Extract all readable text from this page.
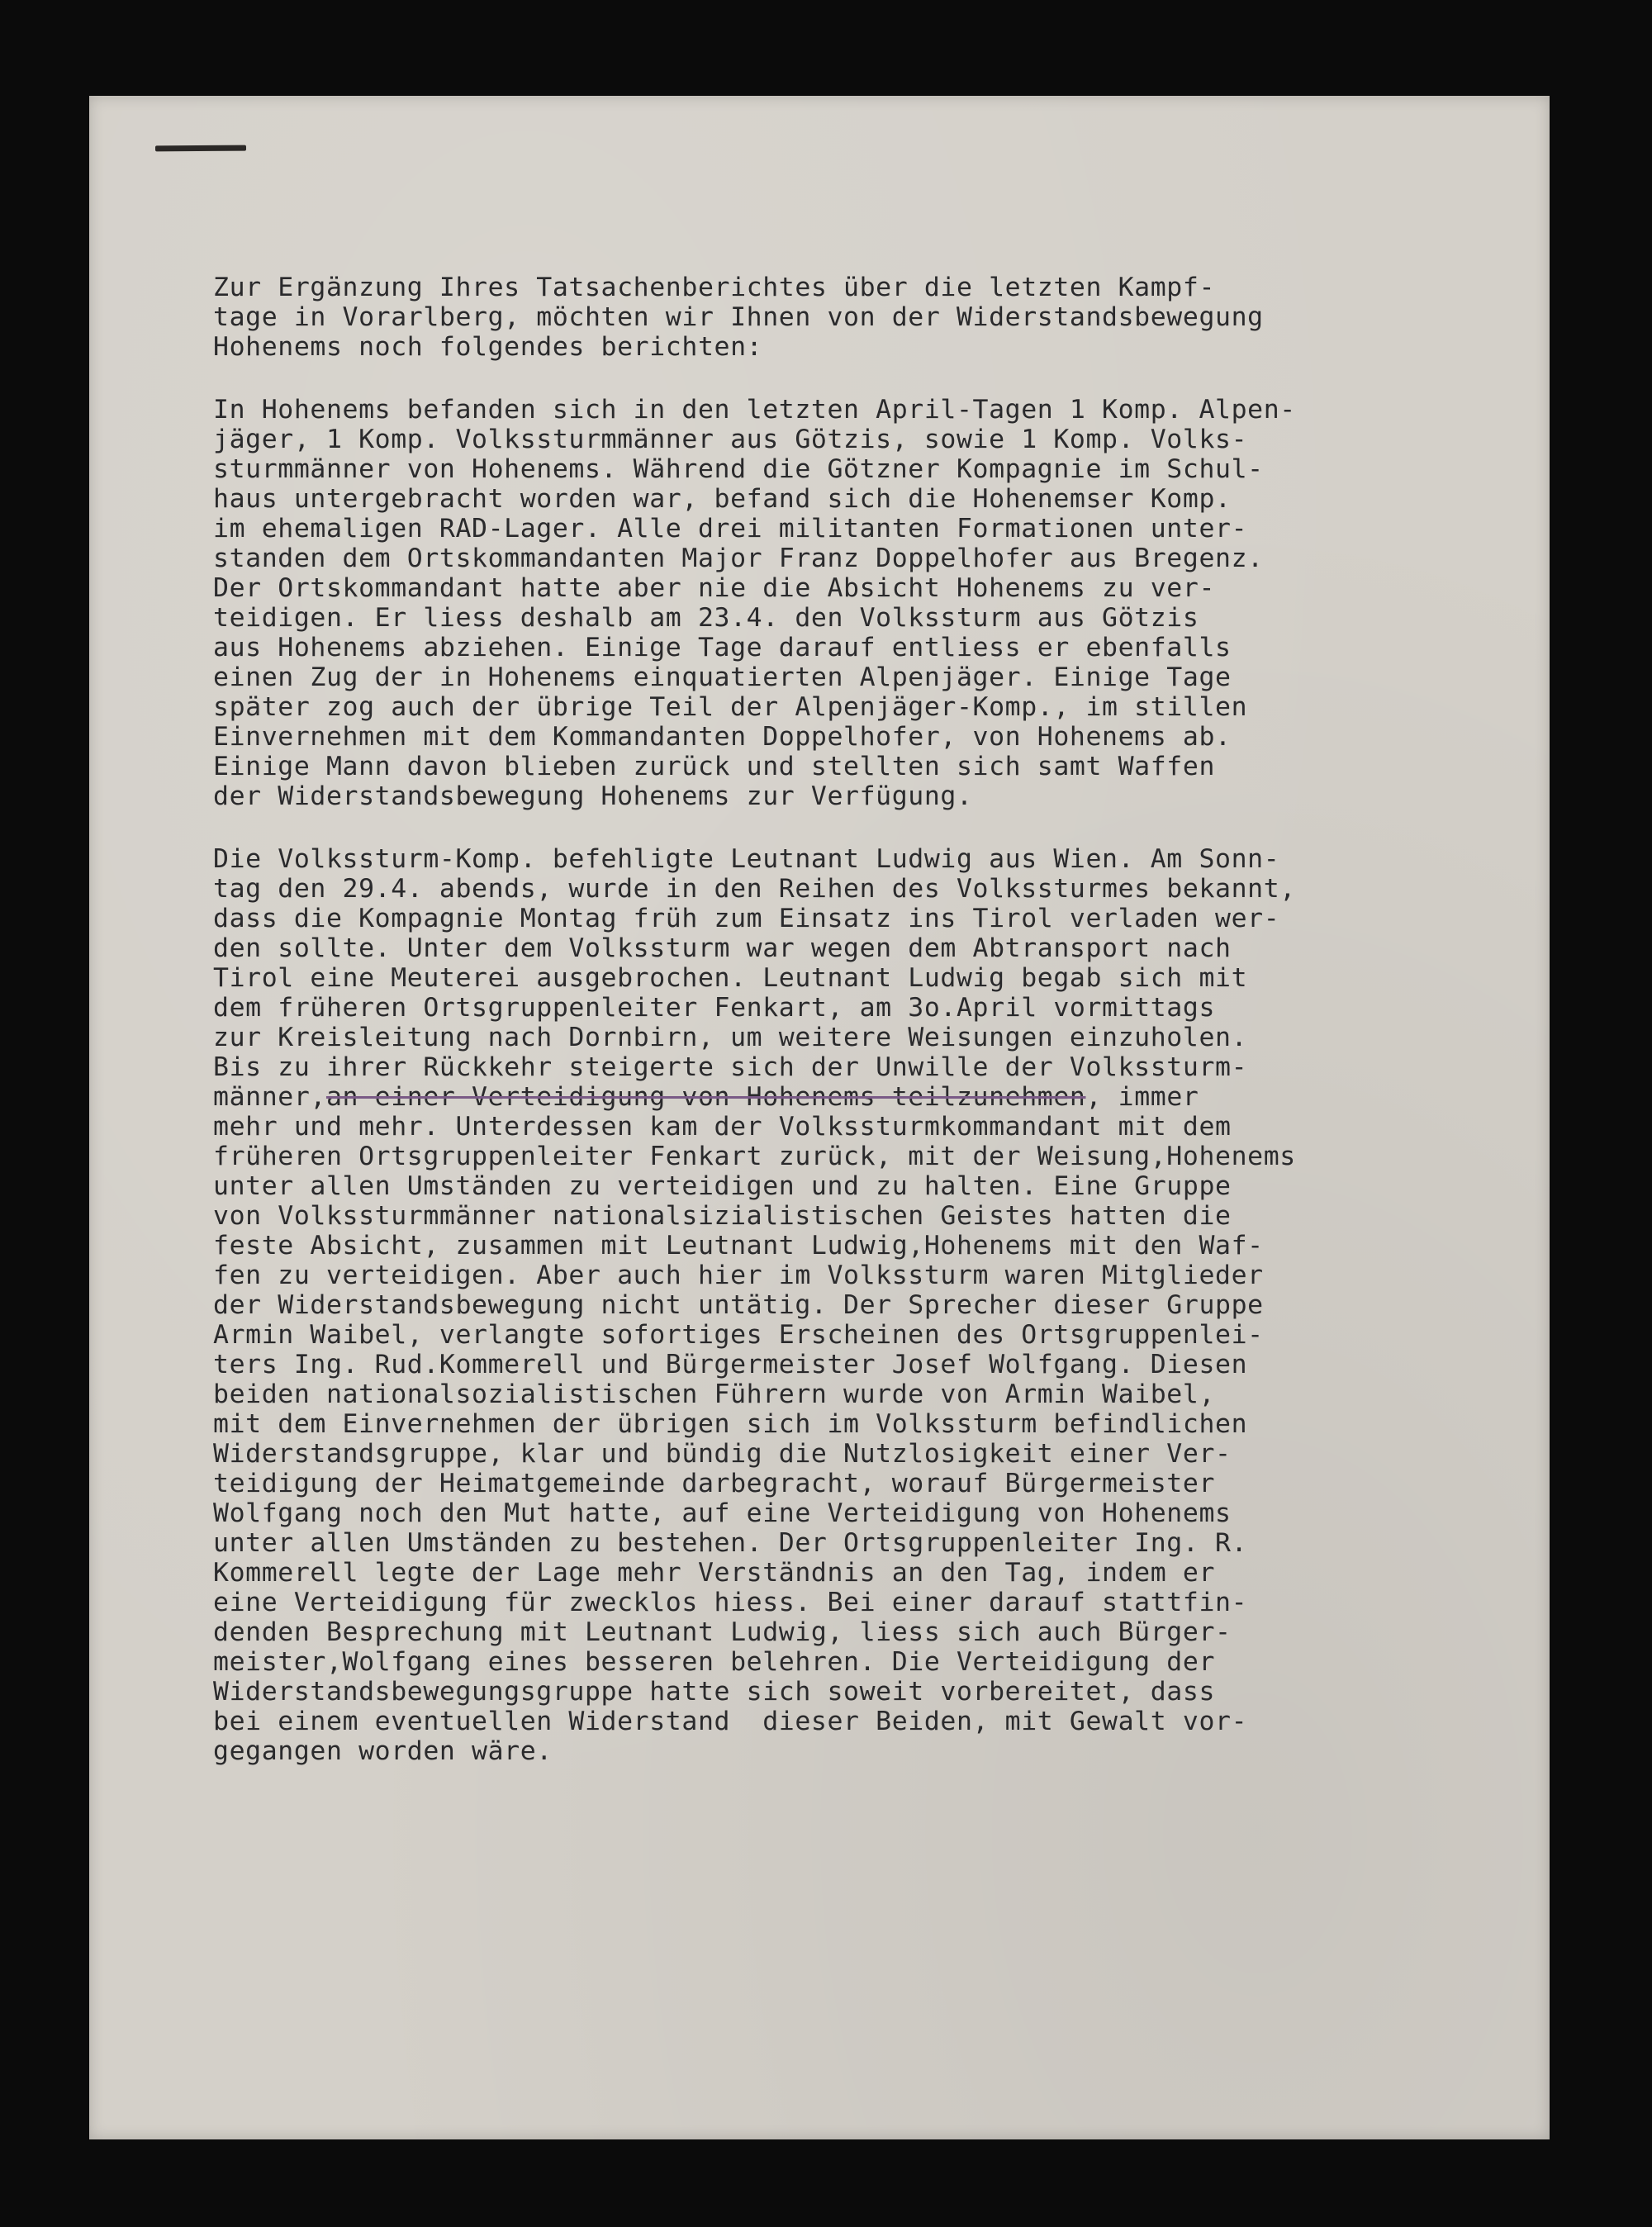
Zur Ergänzung Ihres Tatsachenberichtes über die letzten Kampf-
tage in Vorarlberg, möchten wir Ihnen von der Widerstandsbewegung
Hohenems noch folgendes berichten:

In Hohenems befanden sich in den letzten April-Tagen 1 Komp. Alpen-
jäger, 1 Komp. Volkssturmmänner aus Götzis, sowie 1 Komp. Volks-
sturmmänner von Hohenems. Während die Götzner Kompagnie im Schul-
haus untergebracht worden war, befand sich die Hohenemser Komp.
im ehemaligen RAD-Lager. Alle drei militanten Formationen unter-
standen dem Ortskommandanten Major Franz Doppelhofer aus Bregenz.
Der Ortskommandant hatte aber nie die Absicht Hohenems zu ver-
teidigen. Er liess deshalb am 23.4. den Volkssturm aus Götzis
aus Hohenems abziehen. Einige Tage darauf entliess er ebenfalls
einen Zug der in Hohenems einquatierten Alpenjäger. Einige Tage
später zog auch der übrige Teil der Alpenjäger-Komp., im stillen
Einvernehmen mit dem Kommandanten Doppelhofer, von Hohenems ab.
Einige Mann davon blieben zurück und stellten sich samt Waffen
der Widerstandsbewegung Hohenems zur Verfügung.

Die Volkssturm-Komp. befehligte Leutnant Ludwig aus Wien. Am Sonn-
tag den 29.4. abends, wurde in den Reihen des Volkssturmes bekannt,
dass die Kompagnie Montag früh zum Einsatz ins Tirol verladen wer-
den sollte. Unter dem Volkssturm war wegen dem Abtransport nach
Tirol eine Meuterei ausgebrochen. Leutnant Ludwig begab sich mit
dem früheren Ortsgruppenleiter Fenkart, am 3o.April vormittags
zur Kreisleitung nach Dornbirn, um weitere Weisungen einzuholen.
Bis zu ihrer Rückkehr steigerte sich der Unwille der Volkssturm-
männer,an einer Verteidigung von Hohenems teilzunehmen, immer
mehr und mehr. Unterdessen kam der Volkssturmkommandant mit dem
früheren Ortsgruppenleiter Fenkart zurück, mit der Weisung,Hohenems
unter allen Umständen zu verteidigen und zu halten. Eine Gruppe
von Volkssturmmänner nationalsizialistischen Geistes hatten die
feste Absicht, zusammen mit Leutnant Ludwig,Hohenems mit den Waf-
fen zu verteidigen. Aber auch hier im Volkssturm waren Mitglieder
der Widerstandsbewegung nicht untätig. Der Sprecher dieser Gruppe
Armin Waibel, verlangte sofortiges Erscheinen des Ortsgruppenlei-
ters Ing. Rud.Kommerell und Bürgermeister Josef Wolfgang. Diesen
beiden nationalsozialistischen Führern wurde von Armin Waibel,
mit dem Einvernehmen der übrigen sich im Volkssturm befindlichen
Widerstandsgruppe, klar und bündig die Nutzlosigkeit einer Ver-
teidigung der Heimatgemeinde darbegracht, worauf Bürgermeister
Wolfgang noch den Mut hatte, auf eine Verteidigung von Hohenems
unter allen Umständen zu bestehen. Der Ortsgruppenleiter Ing. R.
Kommerell legte der Lage mehr Verständnis an den Tag, indem er
eine Verteidigung für zwecklos hiess. Bei einer darauf stattfin-
denden Besprechung mit Leutnant Ludwig, liess sich auch Bürger-
meister,Wolfgang eines besseren belehren. Die Verteidigung der
Widerstandsbewegungsgruppe hatte sich soweit vorbereitet, dass
bei einem eventuellen Widerstand  dieser Beiden, mit Gewalt vor-
gegangen worden wäre.
